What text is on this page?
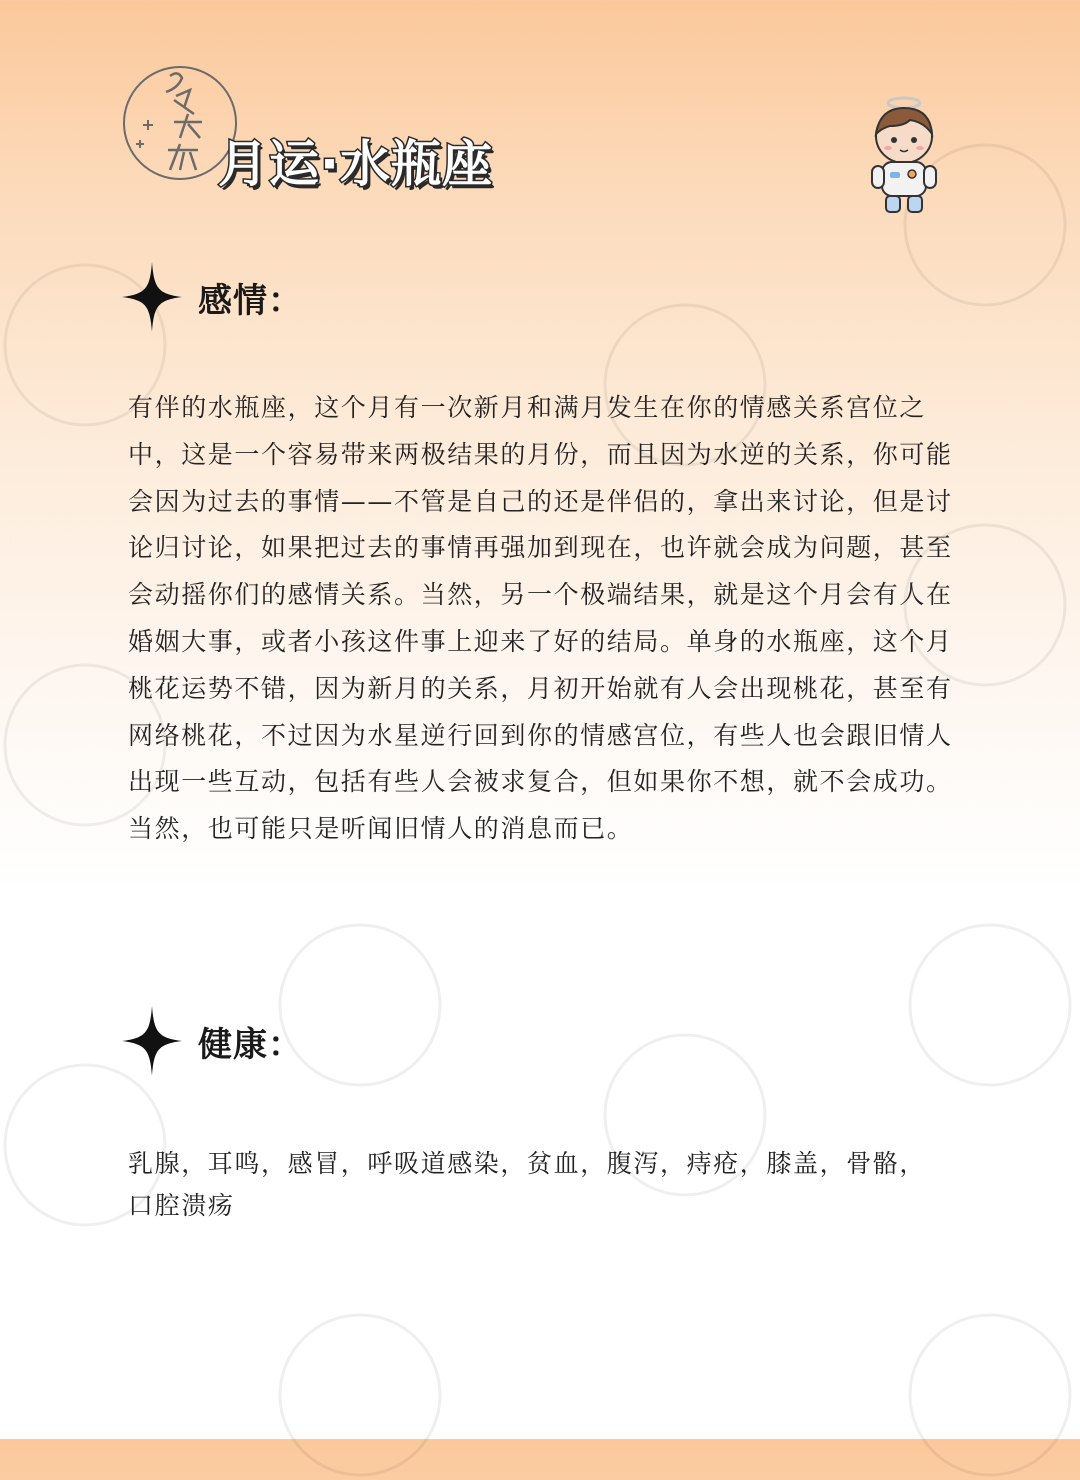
月运·水瓶座
感情：
有伴的水瓶座，这个月有一次新月和满月发生在你的情感关系宫位之中，这是一个容易带来两极结果的月份，而且因为水逆的关系，你可能会因为过去的事情——不管是自己的还是伴侣的，拿出来讨论，但是讨论归讨论，如果把过去的事情再强加到现在，也许就会成为问题，甚至会动摇你们的感情关系。当然，另一个极端结果，就是这个月会有人在婚姻大事，或者小孩这件事上迎来了好的结局。单身的水瓶座，这个月桃花运势不错，因为新月的关系，月初开始就有人会出现桃花，甚至有网络桃花，不过因为水星逆行回到你的情感宫位，有些人也会跟旧情人出现一些互动，包括有些人会被求复合，但如果你不想，就不会成功。当然，也可能只是听闻旧情人的消息而已。
健康：
乳腺，耳鸣，感冒，呼吸道感染，贫血，腹泻，痔疮，膝盖，骨骼，口腔溃疡
